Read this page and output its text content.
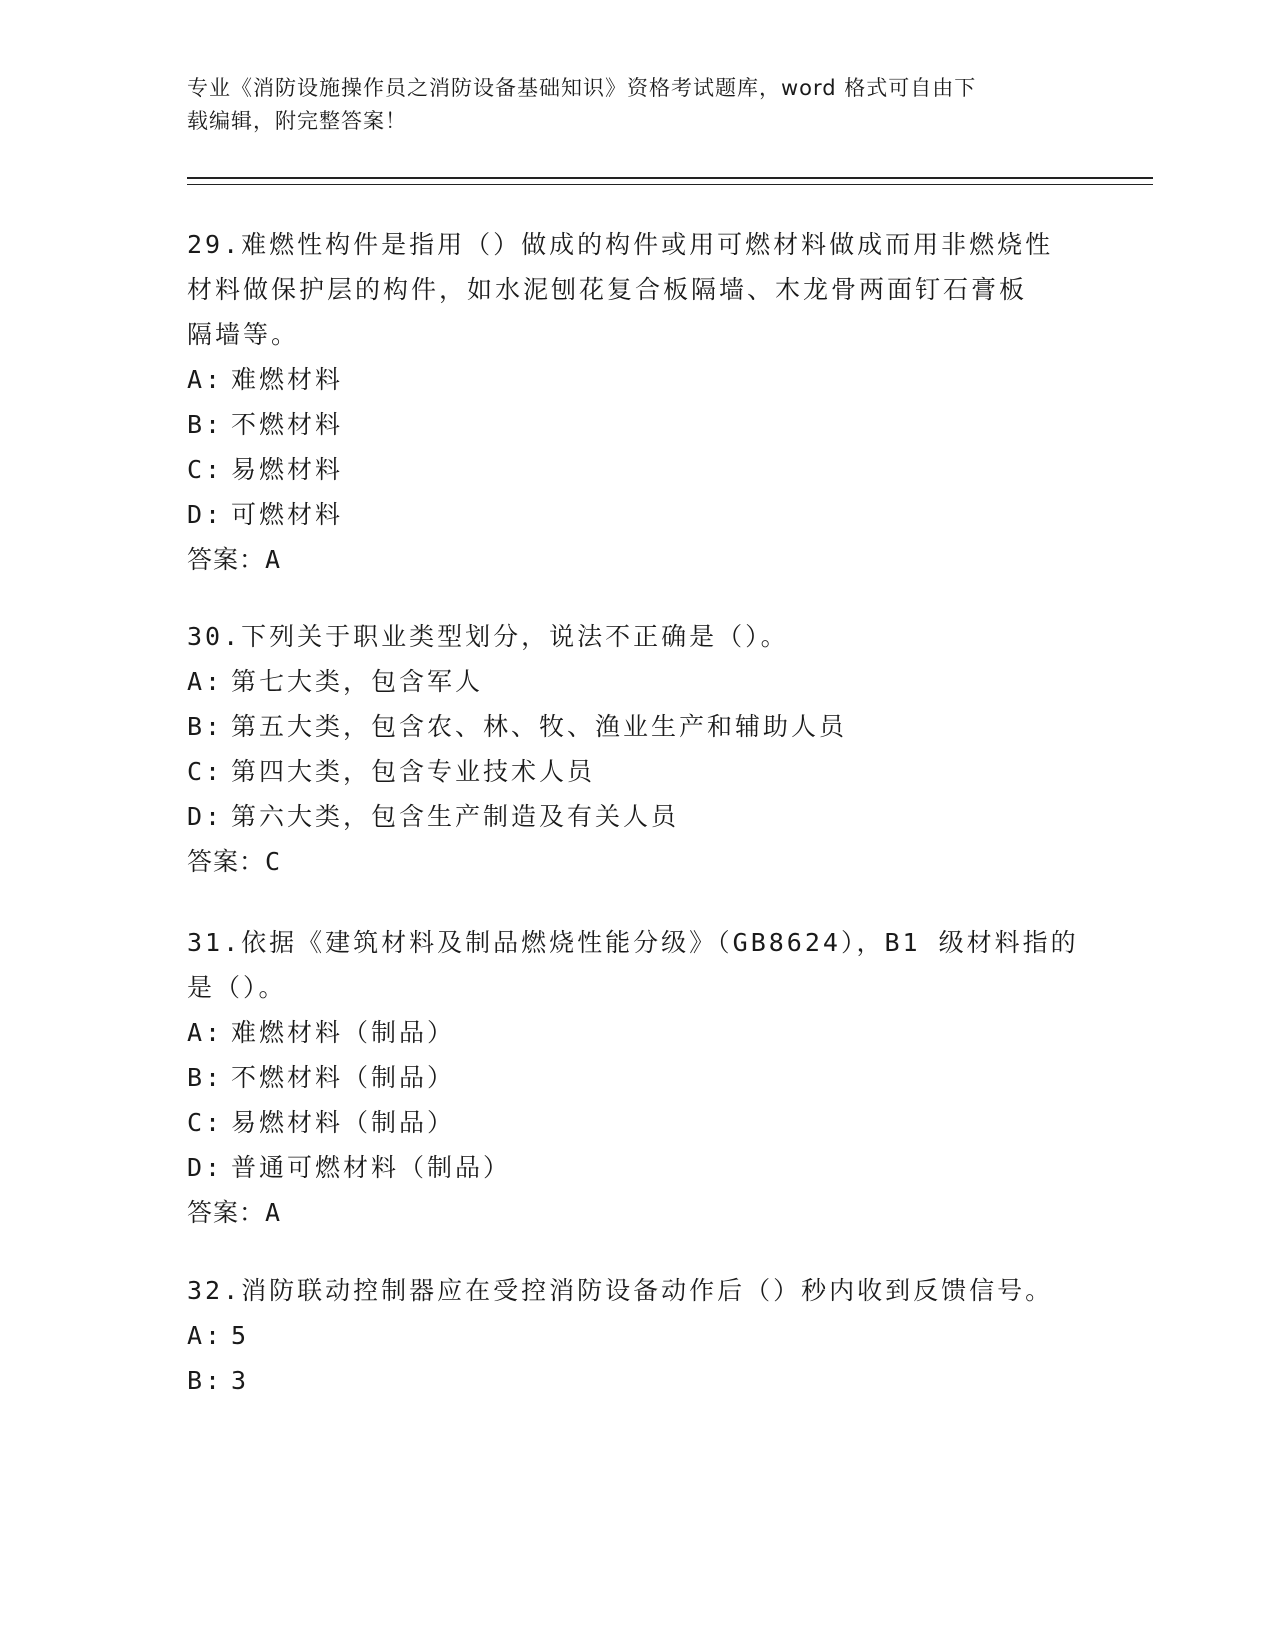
专业《消防设施操作员之消防设备基础知识》资格考试题库，word 格式可自由下
载编辑，附完整答案！

29.难燃性构件是指用（）做成的构件或用可燃材料做成而用非燃烧性

材料做保护层的构件，如水泥刨花复合板隔墙、木龙骨两面钉石膏板

隔墙等。

A: 难燃材料

B: 不燃材料

C: 易燃材料

D: 可燃材料

答案：A

30.下列关于职业类型划分，说法不正确是（）。

A: 第七大类，包含军人

B: 第五大类，包含农、林、牧、渔业生产和辅助人员

C: 第四大类，包含专业技术人员

D: 第六大类，包含生产制造及有关人员

答案：C

31.依据《建筑材料及制品燃烧性能分级》（GB8624），B1 级材料指的

是（）。

A: 难燃材料（制品）

B: 不燃材料（制品）

C: 易燃材料（制品）

D: 普通可燃材料（制品）

答案：A

32.消防联动控制器应在受控消防设备动作后（）秒内收到反馈信号。

A: 5

B: 3
